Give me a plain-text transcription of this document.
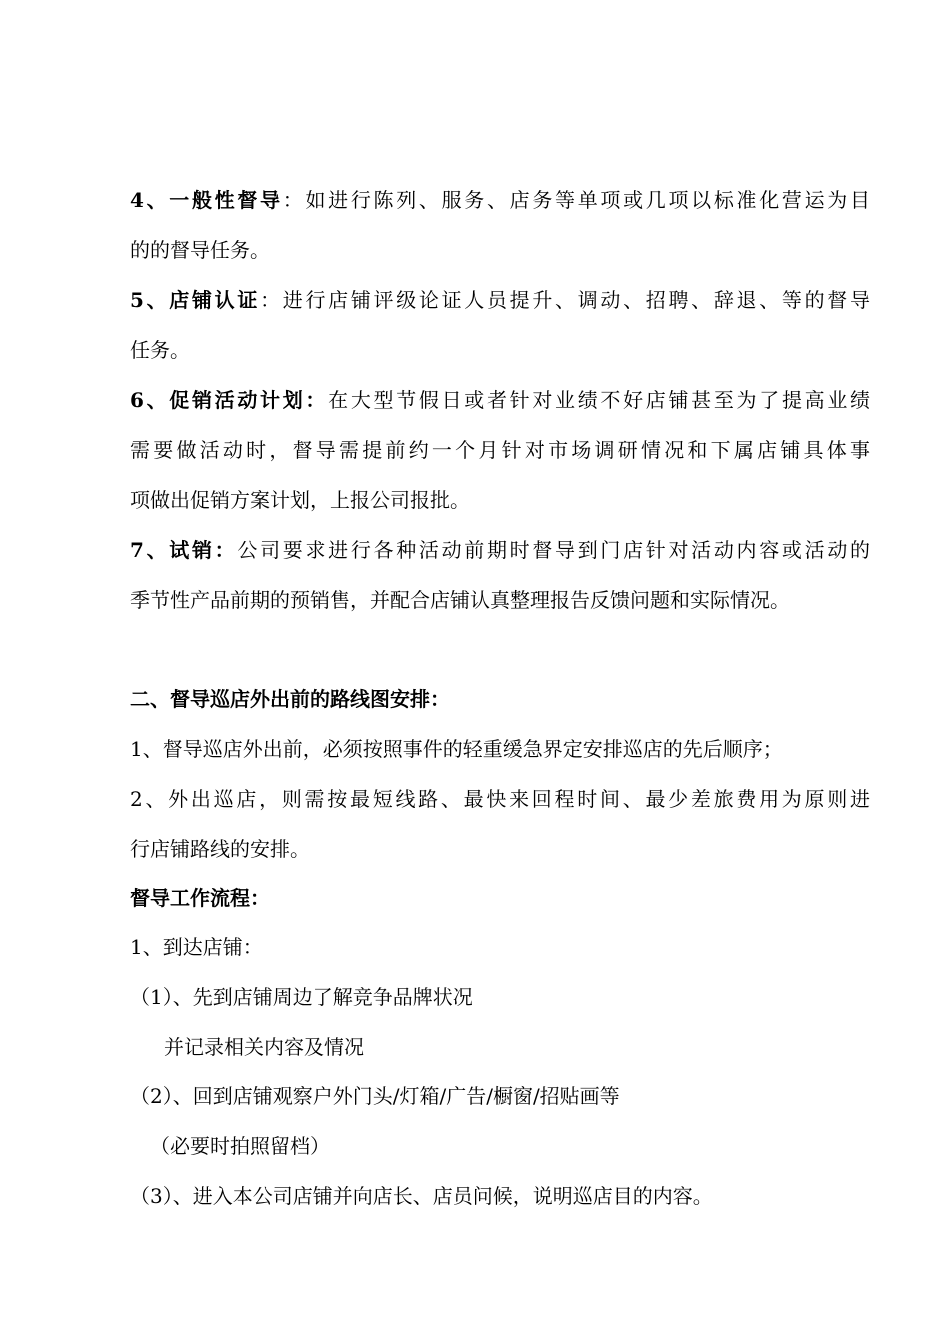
4、一般性督导：如进行陈列、服务、店务等单项或几项以标准化营运为目
的的督导任务。
5、店铺认证：进行店铺评级论证人员提升、调动、招聘、辞退、等的督导
任务。
6、促销活动计划：在大型节假日或者针对业绩不好店铺甚至为了提高业绩
需要做活动时，督导需提前约一个月针对市场调研情况和下属店铺具体事
项做出促销方案计划，上报公司报批。
7、试销：公司要求进行各种活动前期时督导到门店针对活动内容或活动的
季节性产品前期的预销售，并配合店铺认真整理报告反馈问题和实际情况。
二、督导巡店外出前的路线图安排：
1、督导巡店外出前，必须按照事件的轻重缓急界定安排巡店的先后顺序；
2、外出巡店，则需按最短线路、最快来回程时间、最少差旅费用为原则进
行店铺路线的安排。
督导工作流程：
1、到达店铺：
（1）、先到店铺周边了解竞争品牌状况
并记录相关内容及情况
（2）、回到店铺观察户外门头/灯箱/广告/橱窗/招贴画等
（必要时拍照留档）
（3）、进入本公司店铺并向店长、店员问候，说明巡店目的内容。
